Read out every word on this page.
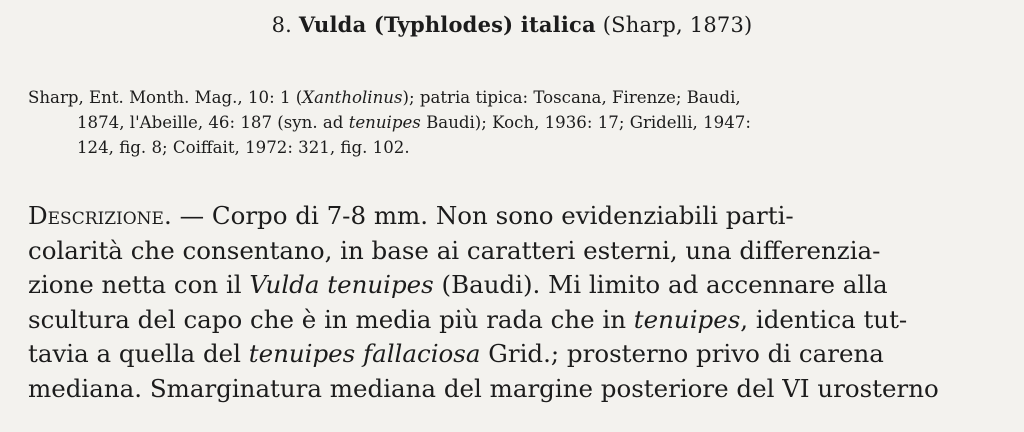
8. Vulda (Typhlodes) italica (Sharp, 1873)
Sharp, Ent. Month. Mag., 10: 1 (Xantholinus); patria tipica: Toscana, Firenze; Baudi,
1874, l'Abeille, 46: 187 (syn. ad tenuipes Baudi); Koch, 1936: 17; Gridelli, 1947:
124, fig. 8; Coiffait, 1972: 321, fig. 102.
Descrizione. — Corpo di 7-8 mm. Non sono evidenziabili parti-
colarità che consentano, in base ai caratteri esterni, una differenzia-
zione netta con il Vulda tenuipes (Baudi). Mi limito ad accennare alla
scultura del capo che è in media più rada che in tenuipes, identica tut-
tavia a quella del tenuipes fallaciosa Grid.; prosterno privo di carena
mediana. Smarginatura mediana del margine posteriore del VI urosterno
